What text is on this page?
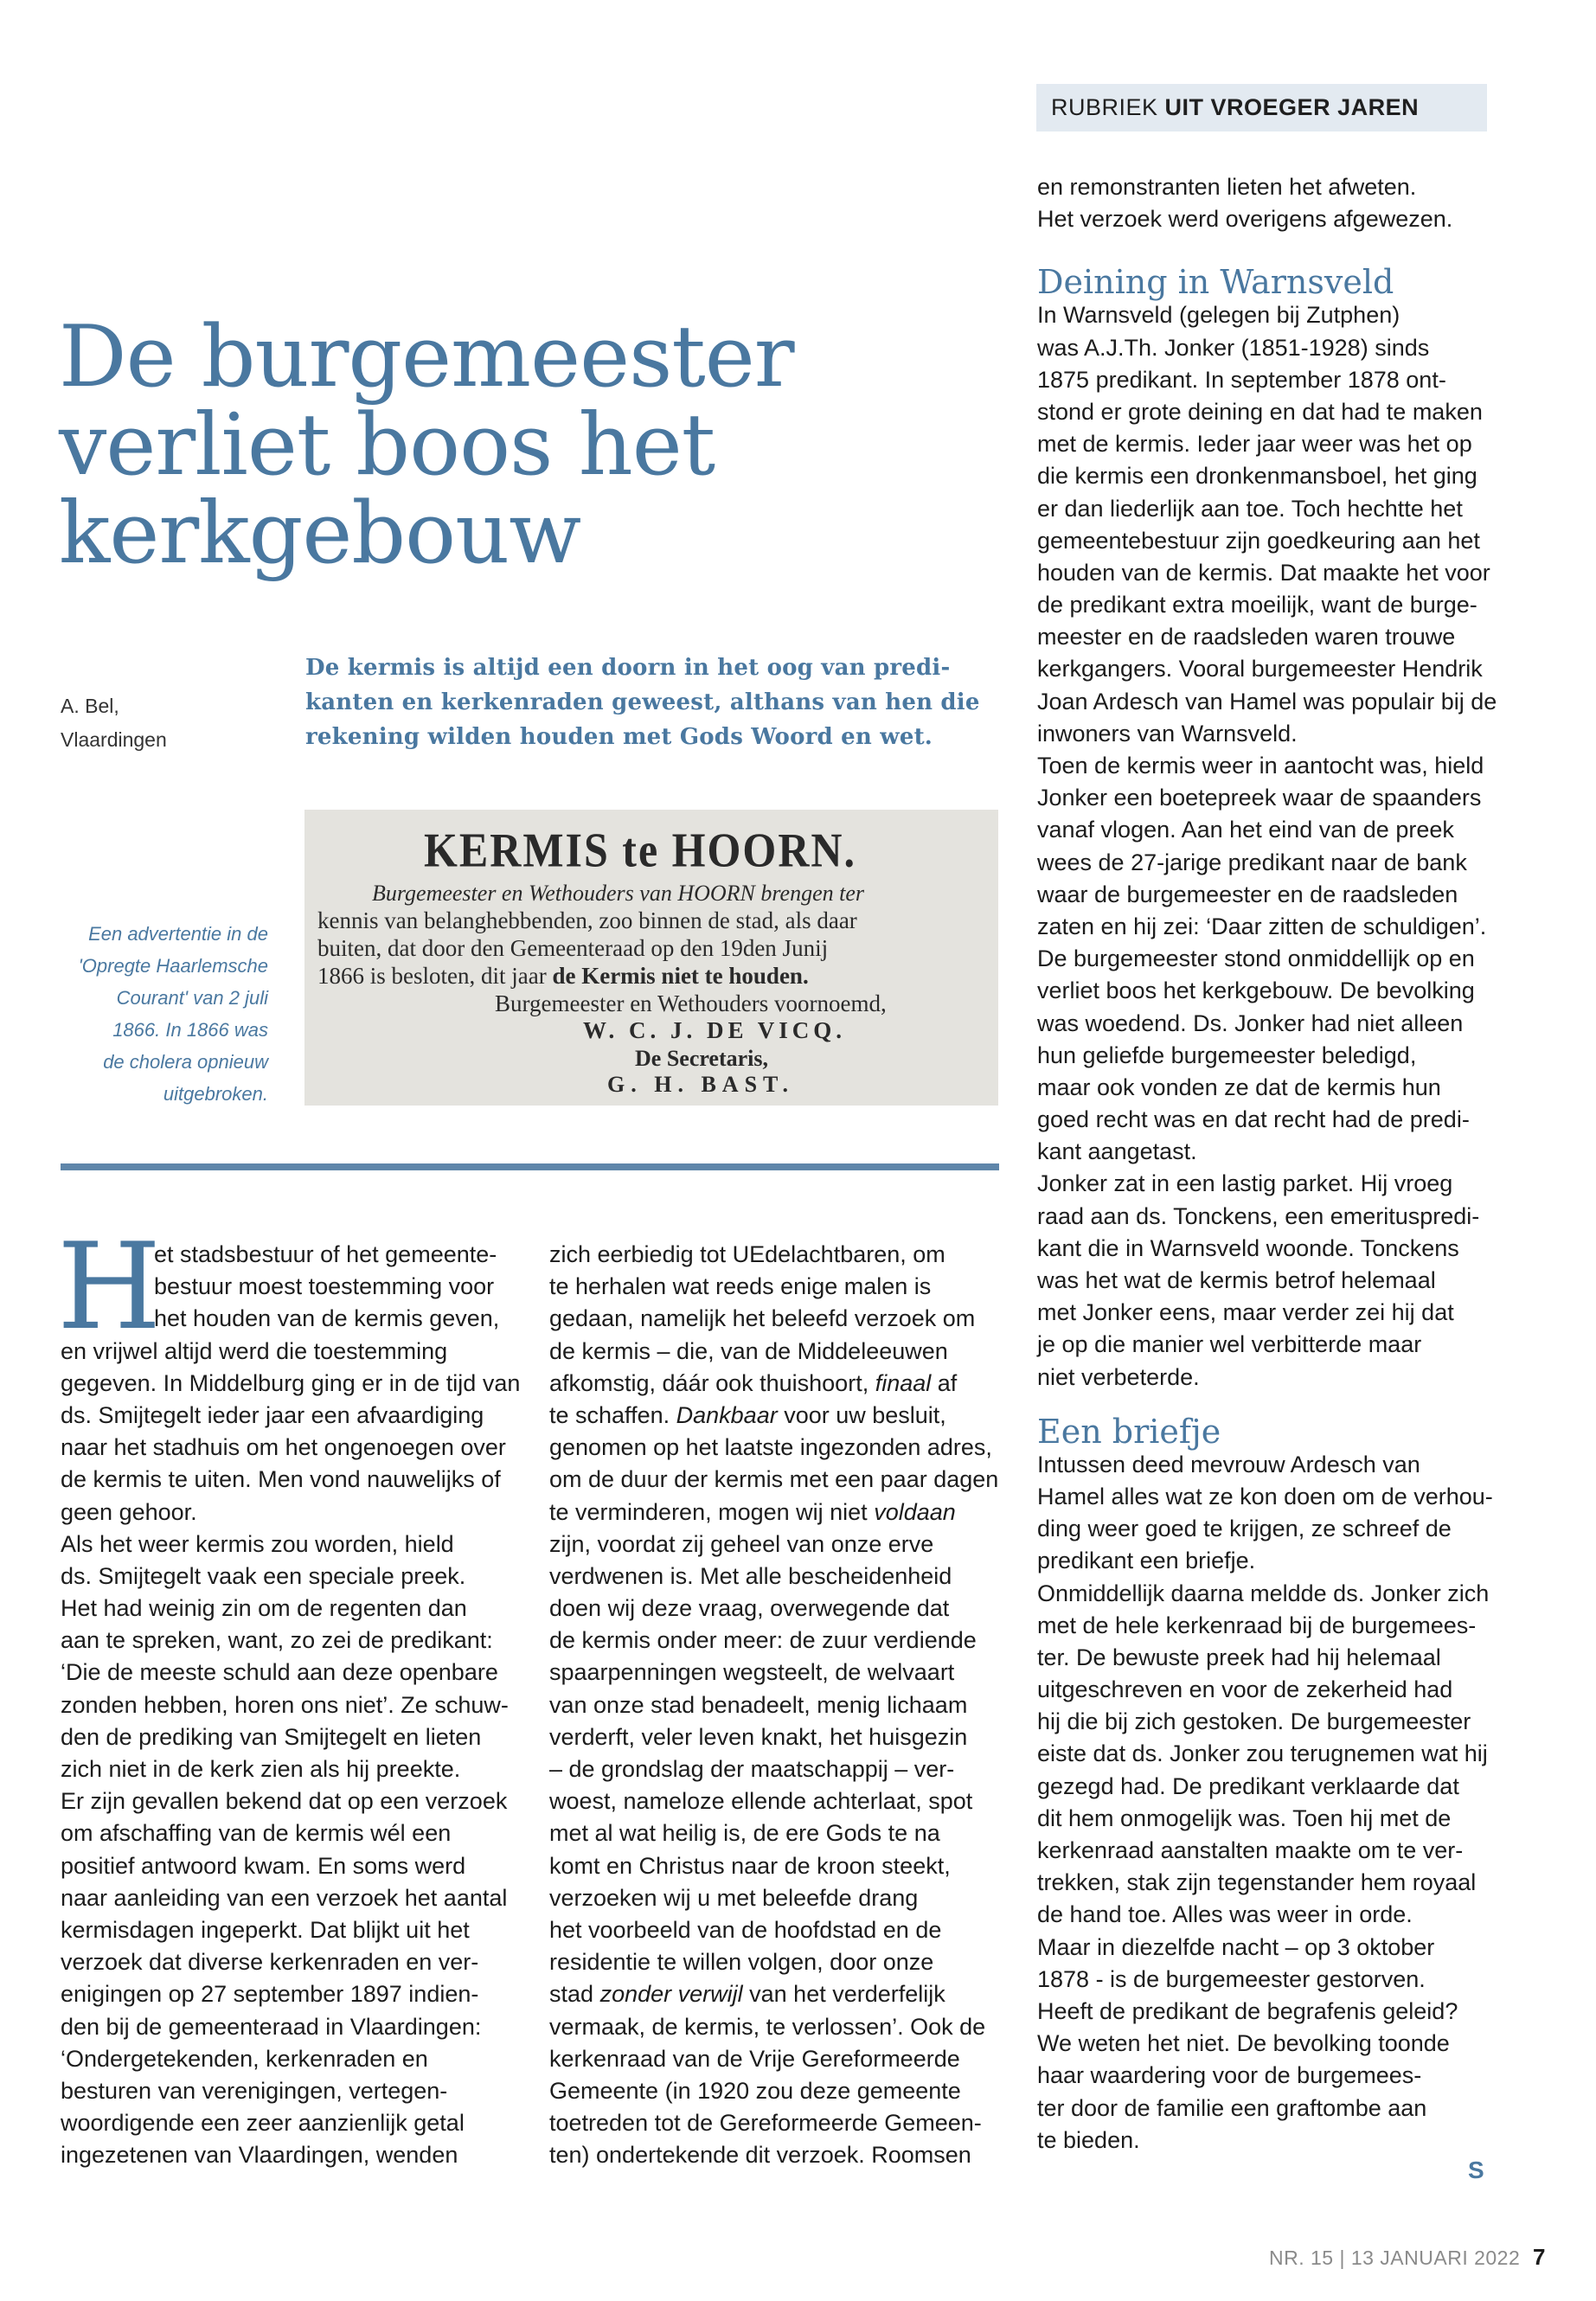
RUBRIEK UIT VROEGER JAREN
De burgemeester
verliet boos het
kerkgebouw
A. Bel,
Vlaardingen
De kermis is altijd een doorn in het oog van predi-
kanten en kerkenraden geweest, althans van hen die
rekening wilden houden met Gods Woord en wet.
Een advertentie in de
'Opregte Haarlemsche
Courant' van 2 juli
1866. In 1866 was
de cholera opnieuw
uitgebroken.
KERMIS te HOORN.
Burgemeester en Wethouders van HOORN brengen ter
kennis van belanghebbenden, zoo binnen de stad, als daar
buiten, dat door den Gemeenteraad op den 19den Junij
1866 is besloten, dit jaar de Kermis niet te houden.
Burgemeester en Wethouders voornoemd,
W. C. J. DE VICQ.
De Secretaris,
G. H. BAST.
H
et stadsbestuur of het gemeente-
bestuur moest toestemming voor
het houden van de kermis geven,
en vrijwel altijd werd die toestemming
gegeven. In Middelburg ging er in de tijd van
ds. Smijtegelt ieder jaar een afvaardiging
naar het stadhuis om het ongenoegen over
de kermis te uiten. Men vond nauwelijks of
geen gehoor.
Als het weer kermis zou worden, hield
ds. Smijtegelt vaak een speciale preek.
Het had weinig zin om de regenten dan
aan te spreken, want, zo zei de predikant:
‘Die de meeste schuld aan deze openbare
zonden hebben, horen ons niet’. Ze schuw-
den de prediking van Smijtegelt en lieten
zich niet in de kerk zien als hij preekte.
Er zijn gevallen bekend dat op een verzoek
om afschaffing van de kermis wél een
positief antwoord kwam. En soms werd
naar aanleiding van een verzoek het aantal
kermisdagen ingeperkt. Dat blijkt uit het
verzoek dat diverse kerkenraden en ver-
enigingen op 27 september 1897 indien-
den bij de gemeenteraad in Vlaardingen:
‘Ondergetekenden, kerkenraden en
besturen van verenigingen, vertegen-
woordigende een zeer aanzienlijk getal
ingezetenen van Vlaardingen, wenden
zich eerbiedig tot UEdelachtbaren, om
te herhalen wat reeds enige malen is
gedaan, namelijk het beleefd verzoek om
de kermis – die, van de Middeleeuwen
afkomstig, dáár ook thuishoort, finaal af
te schaffen. Dankbaar voor uw besluit,
genomen op het laatste ingezonden adres,
om de duur der kermis met een paar dagen
te verminderen, mogen wij niet voldaan
zijn, voordat zij geheel van onze erve
verdwenen is. Met alle bescheidenheid
doen wij deze vraag, overwegende dat
de kermis onder meer: de zuur verdiende
spaarpenningen wegsteelt, de welvaart
van onze stad benadeelt, menig lichaam
verderft, veler leven knakt, het huisgezin
– de grondslag der maatschappij – ver-
woest, nameloze ellende achterlaat, spot
met al wat heilig is, de ere Gods te na
komt en Christus naar de kroon steekt,
verzoeken wij u met beleefde drang
het voorbeeld van de hoofdstad en de
residentie te willen volgen, door onze
stad zonder verwijl van het verderfelijk
vermaak, de kermis, te verlossen’. Ook de
kerkenraad van de Vrije Gereformeerde
Gemeente (in 1920 zou deze gemeente
toetreden tot de Gereformeerde Gemeen-
ten) ondertekende dit verzoek. Roomsen
en remonstranten lieten het afweten.
Het verzoek werd overigens afgewezen.
Deining in Warnsveld
In Warnsveld (gelegen bij Zutphen)
was A.J.Th. Jonker (1851-1928) sinds
1875 predikant. In september 1878 ont-
stond er grote deining en dat had te maken
met de kermis. Ieder jaar weer was het op
die kermis een dronkenmansboel, het ging
er dan liederlijk aan toe. Toch hechtte het
gemeentebestuur zijn goedkeuring aan het
houden van de kermis. Dat maakte het voor
de predikant extra moeilijk, want de burge-
meester en de raadsleden waren trouwe
kerkgangers. Vooral burgemeester Hendrik
Joan Ardesch van Hamel was populair bij de
inwoners van Warnsveld.
Toen de kermis weer in aantocht was, hield
Jonker een boetepreek waar de spaanders
vanaf vlogen. Aan het eind van de preek
wees de 27-jarige predikant naar de bank
waar de burgemeester en de raadsleden
zaten en hij zei: ‘Daar zitten de schuldigen’.
De burgemeester stond onmiddellijk op en
verliet boos het kerkgebouw. De bevolking
was woedend. Ds. Jonker had niet alleen
hun geliefde burgemeester beledigd,
maar ook vonden ze dat de kermis hun
goed recht was en dat recht had de predi-
kant aangetast.
Jonker zat in een lastig parket. Hij vroeg
raad aan ds. Tonckens, een emerituspredi-
kant die in Warnsveld woonde. Tonckens
was het wat de kermis betrof helemaal
met Jonker eens, maar verder zei hij dat
je op die manier wel verbitterde maar
niet verbeterde.
Een briefje
Intussen deed mevrouw Ardesch van
Hamel alles wat ze kon doen om de verhou-
ding weer goed te krijgen, ze schreef de
predikant een briefje.
Onmiddellijk daarna meldde ds. Jonker zich
met de hele kerkenraad bij de burgemees-
ter. De bewuste preek had hij helemaal
uitgeschreven en voor de zekerheid had
hij die bij zich gestoken. De burgemeester
eiste dat ds. Jonker zou terugnemen wat hij
gezegd had. De predikant verklaarde dat
dit hem onmogelijk was. Toen hij met de
kerkenraad aanstalten maakte om te ver-
trekken, stak zijn tegenstander hem royaal
de hand toe. Alles was weer in orde.
Maar in diezelfde nacht – op 3 oktober
1878 - is de burgemeester gestorven.
Heeft de predikant de begrafenis geleid?
We weten het niet. De bevolking toonde
haar waardering voor de burgemees-
ter door de familie een graftombe aan
te bieden.
S
NR. 15 | 13 JANUARI 2022 7
